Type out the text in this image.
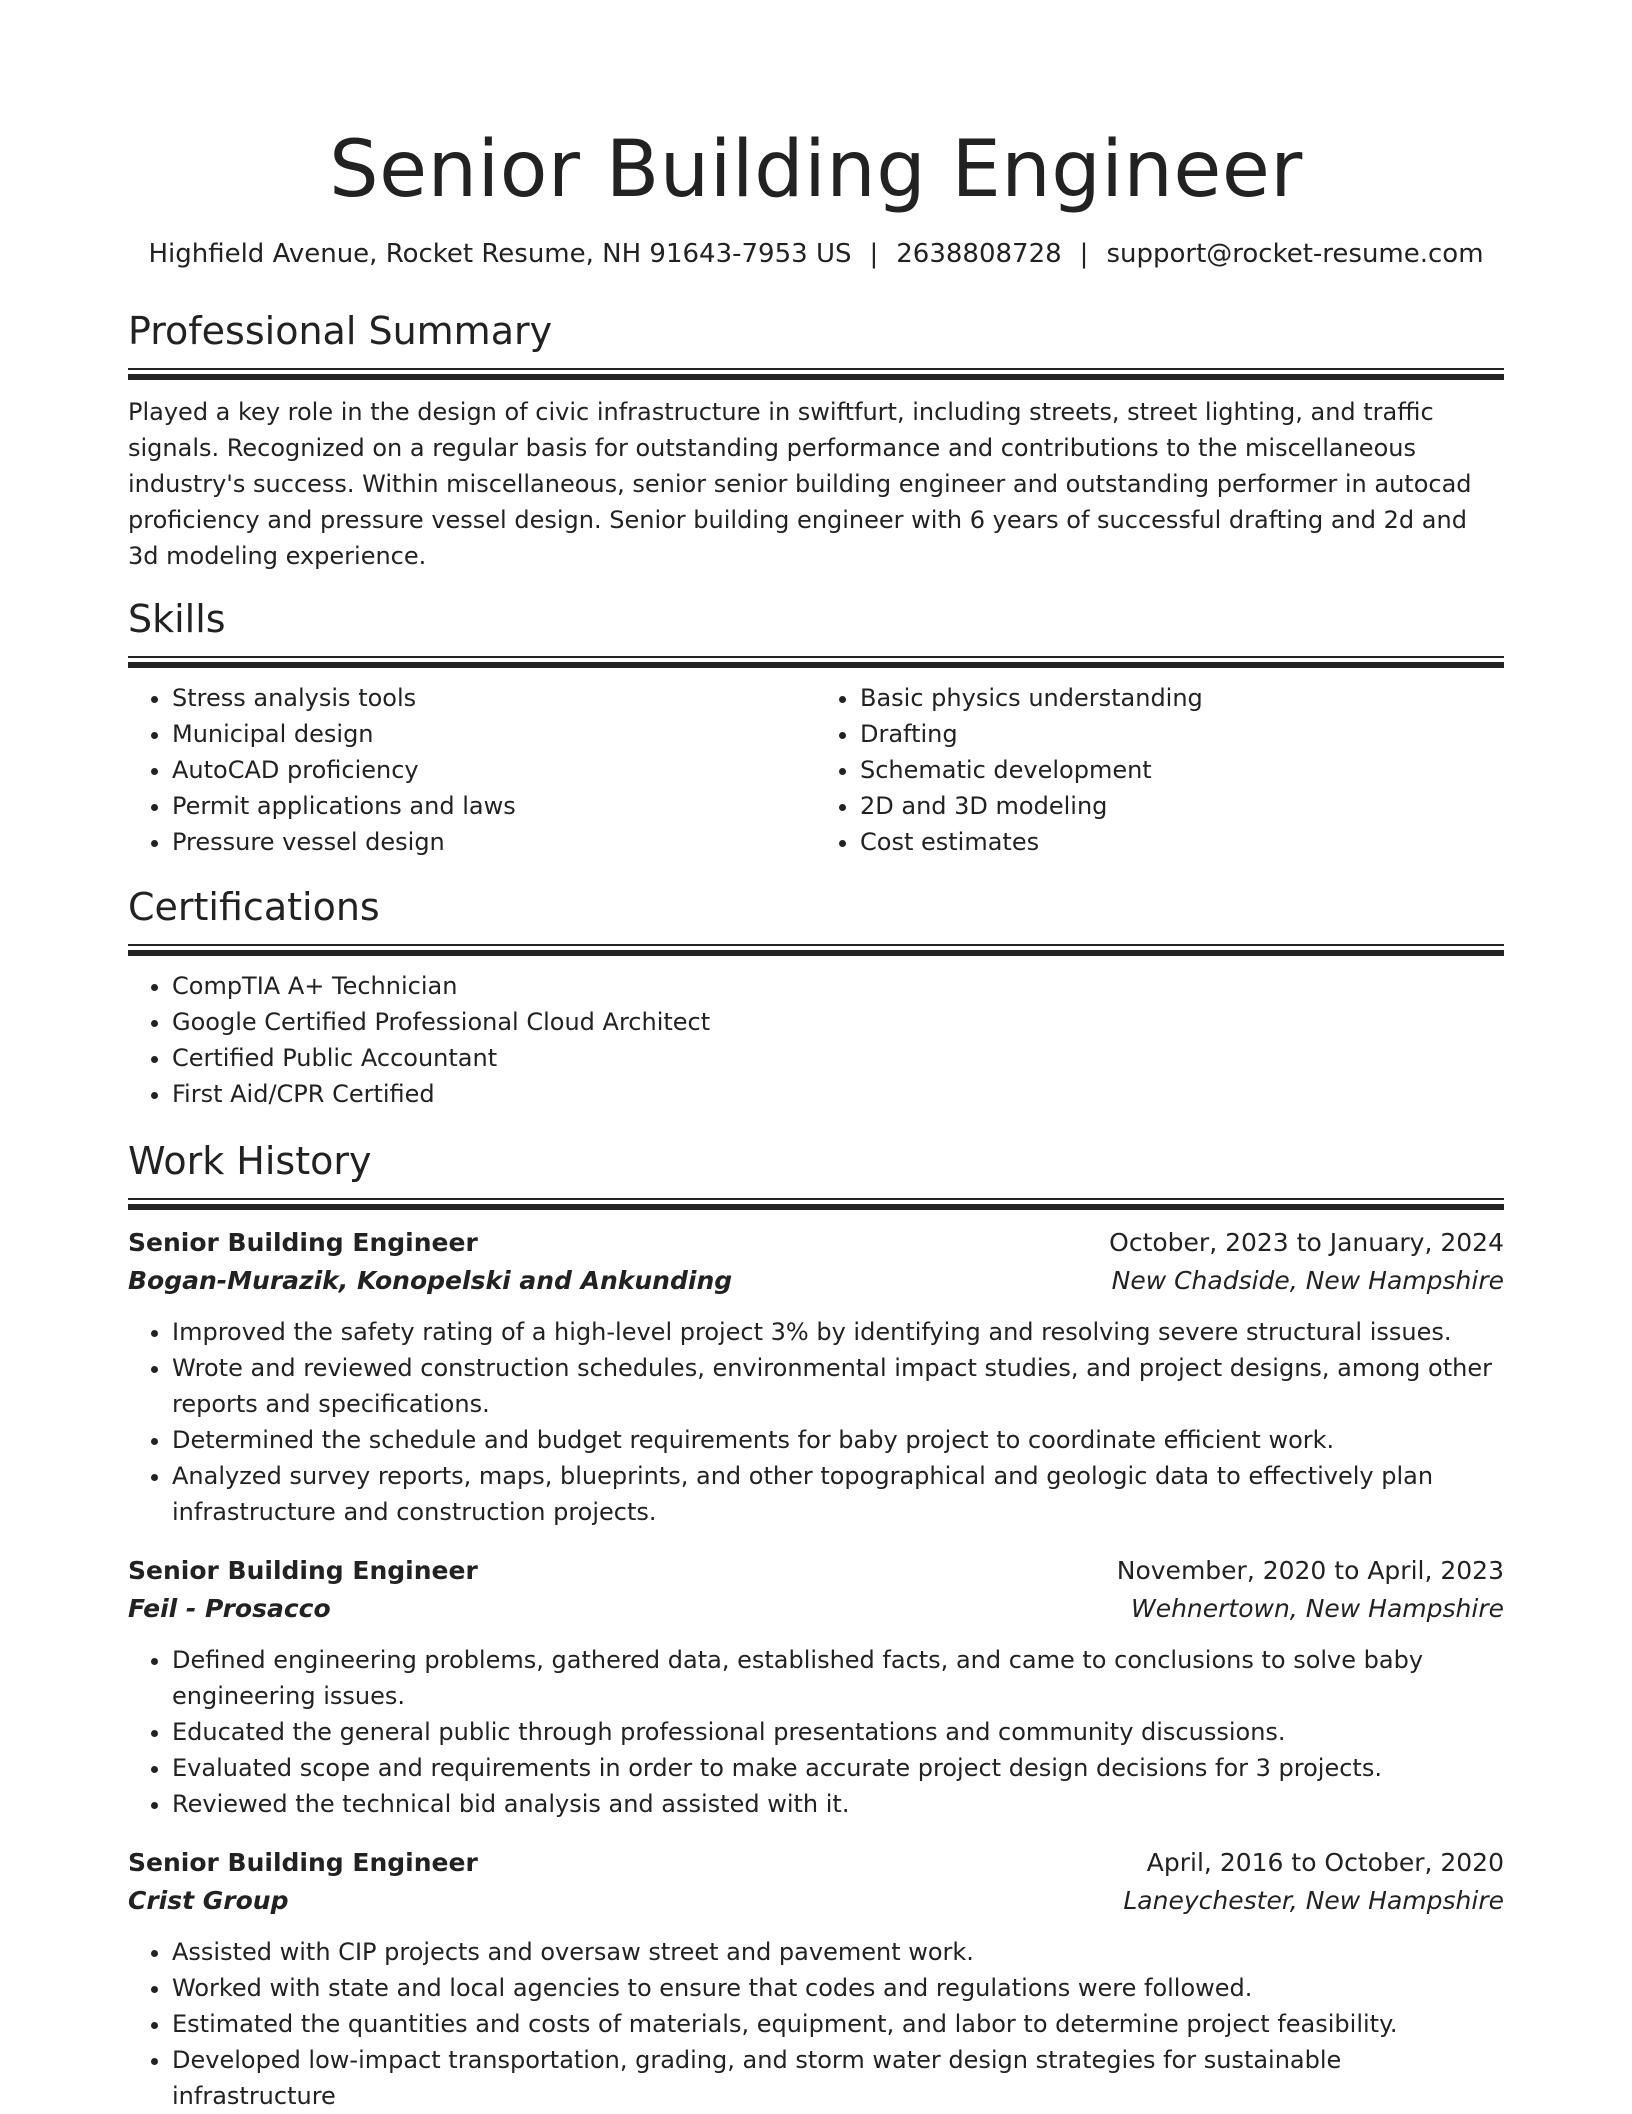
Senior Building Engineer
Highfield Avenue, Rocket Resume, NH 91643-7953 US | 2638808728 | support@rocket-resume.com
Professional Summary
Played a key role in the design of civic infrastructure in swiftfurt, including streets, street lighting, and traffic signals. Recognized on a regular basis for outstanding performance and contributions to the miscellaneous industry's success. Within miscellaneous, senior senior building engineer and outstanding performer in autocad proficiency and pressure vessel design. Senior building engineer with 6 years of successful drafting and 2d and 3d modeling experience.
Skills
• Stress analysis tools
• Municipal design
• AutoCAD proficiency
• Permit applications and laws
• Pressure vessel design
• Basic physics understanding
• Drafting
• Schematic development
• 2D and 3D modeling
• Cost estimates
Certifications
• CompTIA A+ Technician
• Google Certified Professional Cloud Architect
• Certified Public Accountant
• First Aid/CPR Certified
Work History
Senior Building Engineer	October, 2023 to January, 2024
Bogan-Murazik, Konopelski and Ankunding	New Chadside, New Hampshire
• Improved the safety rating of a high-level project 3% by identifying and resolving severe structural issues.
• Wrote and reviewed construction schedules, environmental impact studies, and project designs, among other reports and specifications.
• Determined the schedule and budget requirements for baby project to coordinate efficient work.
• Analyzed survey reports, maps, blueprints, and other topographical and geologic data to effectively plan infrastructure and construction projects.
Senior Building Engineer	November, 2020 to April, 2023
Feil - Prosacco	Wehnertown, New Hampshire
• Defined engineering problems, gathered data, established facts, and came to conclusions to solve baby engineering issues.
• Educated the general public through professional presentations and community discussions.
• Evaluated scope and requirements in order to make accurate project design decisions for 3 projects.
• Reviewed the technical bid analysis and assisted with it.
Senior Building Engineer	April, 2016 to October, 2020
Crist Group	Laneychester, New Hampshire
• Assisted with CIP projects and oversaw street and pavement work.
• Worked with state and local agencies to ensure that codes and regulations were followed.
• Estimated the quantities and costs of materials, equipment, and labor to determine project feasibility.
• Developed low-impact transportation, grading, and storm water design strategies for sustainable infrastructure
